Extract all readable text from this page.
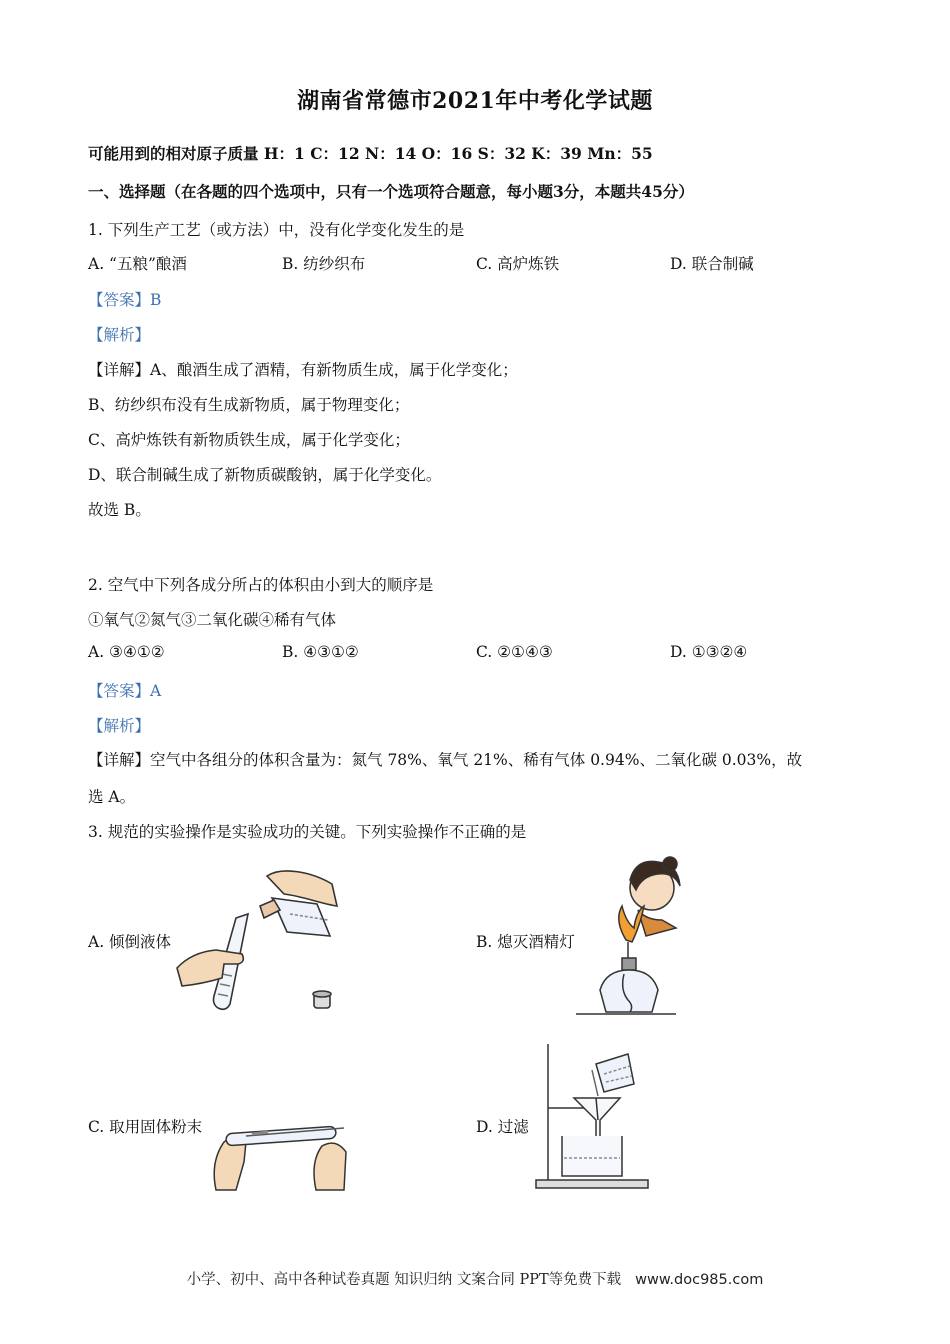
湖南省常德市2021年中考化学试题
可能用到的相对原子质量 H：1 C：12 N：14 O：16 S：32 K：39 Mn：55
一、选择题（在各题的四个选项中，只有一个选项符合题意，每小题3分，本题共45分）
1. 下列生产工艺（或方法）中，没有化学变化发生的是
A. “五粮”酿酒	B. 纺纱织布	C. 高炉炼铁	D. 联合制碱
【答案】B
【解析】
【详解】A、酿酒生成了酒精，有新物质生成，属于化学变化；
B、纺纱织布没有生成新物质，属于物理变化；
C、高炉炼铁有新物质铁生成，属于化学变化；
D、联合制碱生成了新物质碳酸钠，属于化学变化。
故选 B。
2. 空气中下列各成分所占的体积由小到大的顺序是
①氧气②氮气③二氧化碳④稀有气体
A. ③④①②	B. ④③①②	C. ②①④③	D. ①③②④
【答案】A
【解析】
【详解】空气中各组分的体积含量为：氮气 78%、氧气 21%、稀有气体 0.94%、二氧化碳 0.03%，故
选 A。
3. 规范的实验操作是实验成功的关键。下列实验操作不正确的是
A. 倾倒液体	B. 熄灭酒精灯
C. 取用固体粉末	D. 过滤
小学、初中、高中各种试卷真题 知识归纳 文案合同 PPT等免费下载 www.doc985.com
